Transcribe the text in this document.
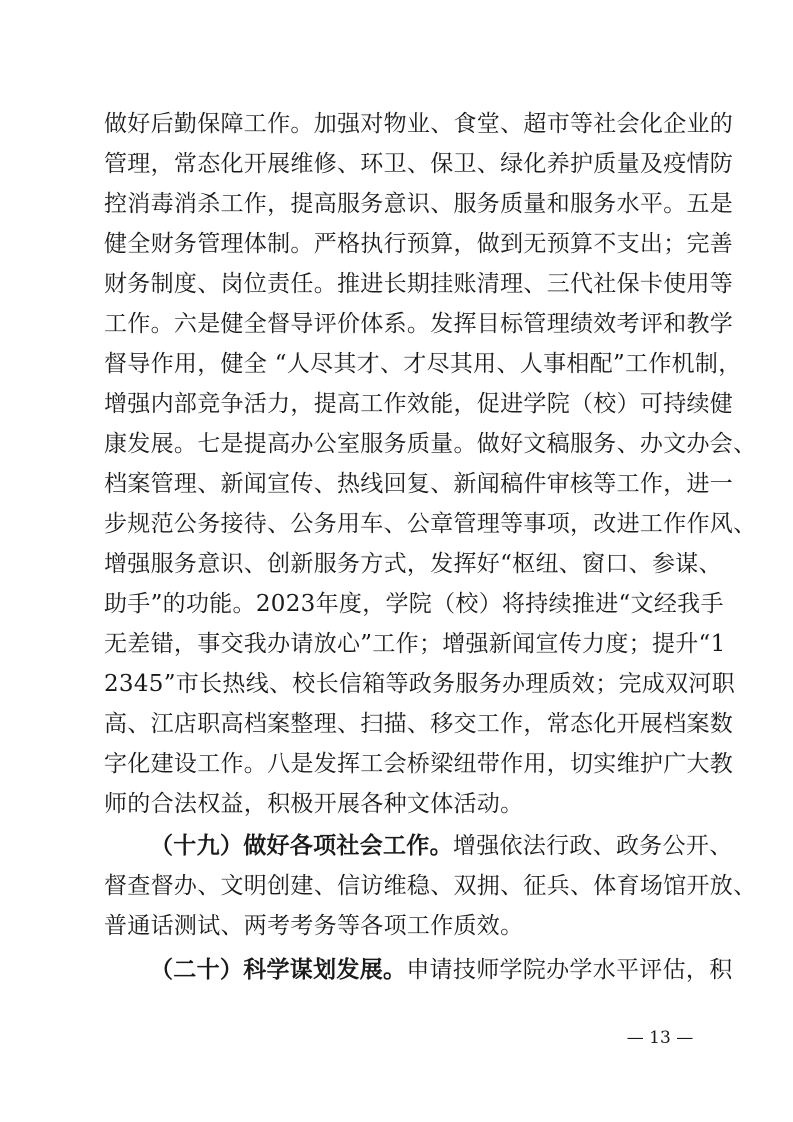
做好后勤保障工作。加强对物业、食堂、超市等社会化企业的
管理，常态化开展维修、环卫、保卫、绿化养护质量及疫情防
控消毒消杀工作，提高服务意识、服务质量和服务水平。五是
健全财务管理体制。严格执行预算，做到无预算不支出；完善
财务制度、岗位责任。推进长期挂账清理、三代社保卡使用等
工作。六是健全督导评价体系。发挥目标管理绩效考评和教学
督导作用，健全 “人尽其才、才尽其用、人事相配”工作机制，
增强内部竞争活力，提高工作效能，促进学院（校）可持续健
康发展。七是提高办公室服务质量。做好文稿服务、办文办会、
档案管理、新闻宣传、热线回复、新闻稿件审核等工作，进一
步规范公务接待、公务用车、公章管理等事项，改进工作作风、
增强服务意识、创新服务方式，发挥好“枢纽、窗口、参谋、
助手”的功能。2023年度，学院（校）将持续推进“文经我手
无差错，事交我办请放心”工作；增强新闻宣传力度；提升“1
2345”市长热线、校长信箱等政务服务办理质效；完成双河职
高、江店职高档案整理、扫描、移交工作，常态化开展档案数
字化建设工作。八是发挥工会桥梁纽带作用，切实维护广大教
师的合法权益，积极开展各种文体活动。
（十九）做好各项社会工作。增强依法行政、政务公开、
督查督办、文明创建、信访维稳、双拥、征兵、体育场馆开放、
普通话测试、两考考务等各项工作质效。
（二十）科学谋划发展。申请技师学院办学水平评估，积
— 13 —
